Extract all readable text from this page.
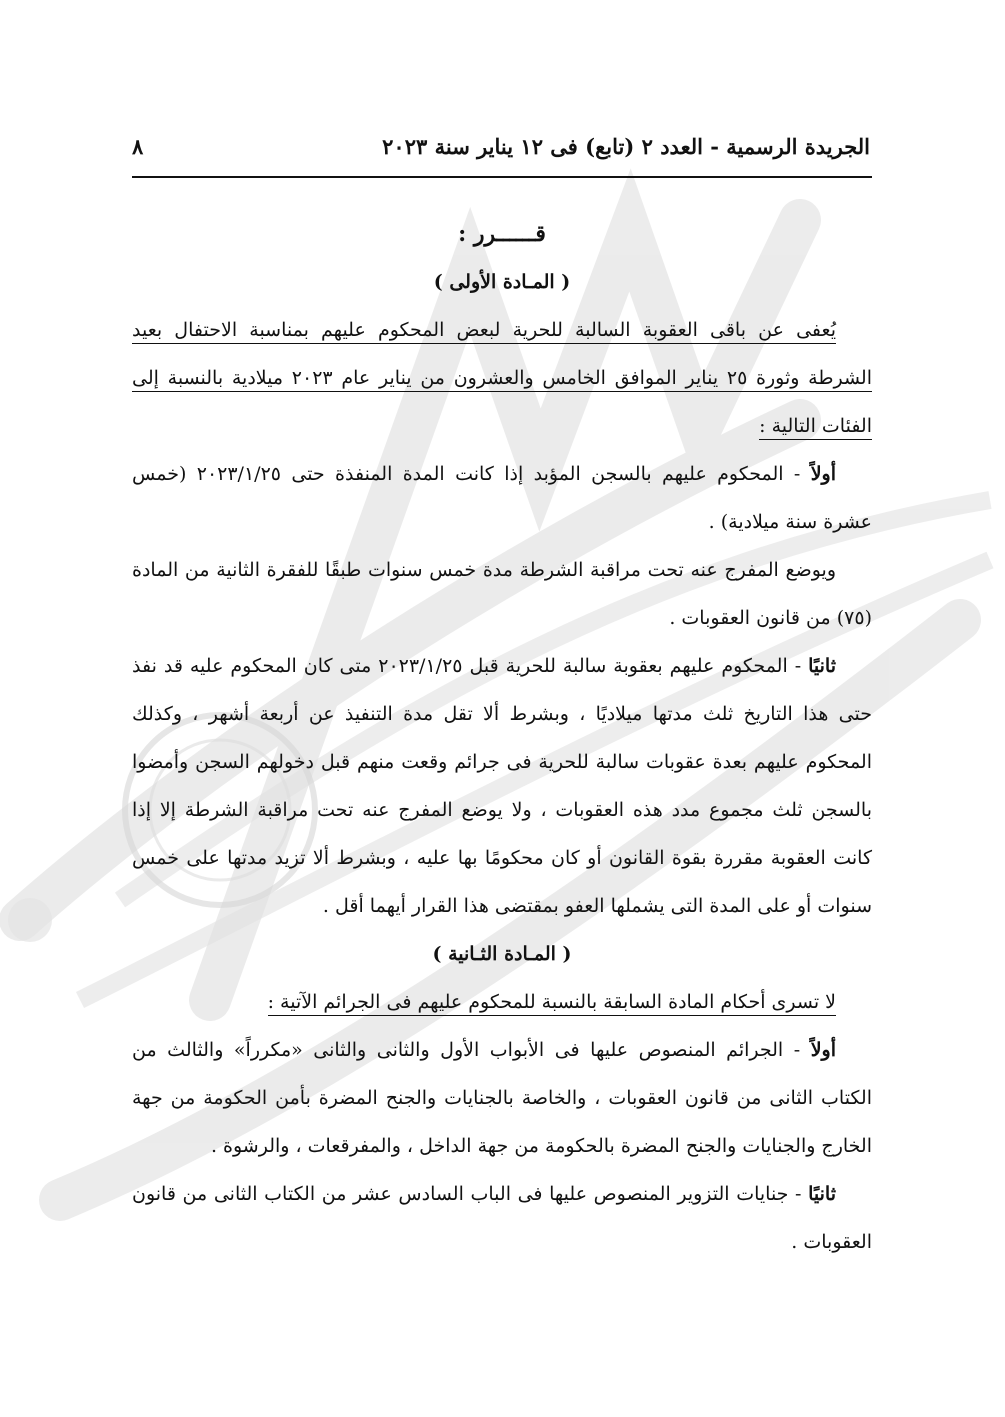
الجريدة الرسمية - العدد ٢ (تابع) فى ١٢ يناير سنة ٢٠٢٣
٨
قــــــرر :
( المـادة الأولى )

يُعفى عن باقى العقوبة السالبة للحرية لبعض المحكوم عليهم بمناسبة الاحتفال بعيد الشرطة وثورة ٢٥ يناير الموافق الخامس والعشرون من يناير عام ٢٠٢٣ ميلادية بالنسبة إلى الفئات التالية :

أولاً - المحكوم عليهم بالسجن المؤبد إذا كانت المدة المنفذة حتى ٢٠٢٣/١/٢٥ (خمس عشرة سنة ميلادية) .

ويوضع المفرج عنه تحت مراقبة الشرطة مدة خمس سنوات طبقًا للفقرة الثانية من المادة (٧٥) من قانون العقوبات .

ثانيًا - المحكوم عليهم بعقوبة سالبة للحرية قبل ٢٠٢٣/١/٢٥ متى كان المحكوم عليه قد نفذ حتى هذا التاريخ ثلث مدتها ميلاديًا ، وبشرط ألا تقل مدة التنفيذ عن أربعة أشهر ، وكذلك المحكوم عليهم بعدة عقوبات سالبة للحرية فى جرائم وقعت منهم قبل دخولهم السجن وأمضوا بالسجن ثلث مجموع مدد هذه العقوبات ، ولا يوضع المفرج عنه تحت مراقبة الشرطة إلا إذا كانت العقوبة مقررة بقوة القانون أو كان محكومًا بها عليه ، وبشرط ألا تزيد مدتها على خمس سنوات أو على المدة التى يشملها العفو بمقتضى هذا القرار أيهما أقل .

( المـادة الثـانية )

لا تسرى أحكام المادة السابقة بالنسبة للمحكوم عليهم فى الجرائم الآتية :

أولاً - الجرائم المنصوص عليها فى الأبواب الأول والثانى والثانى «مكرراً» والثالث من الكتاب الثانى من قانون العقوبات ، والخاصة بالجنايات والجنح المضرة بأمن الحكومة من جهة الخارج والجنايات والجنح المضرة بالحكومة من جهة الداخل ، والمفرقعات ، والرشوة .

ثانيًا - جنايات التزوير المنصوص عليها فى الباب السادس عشر من الكتاب الثانى من قانون العقوبات .
